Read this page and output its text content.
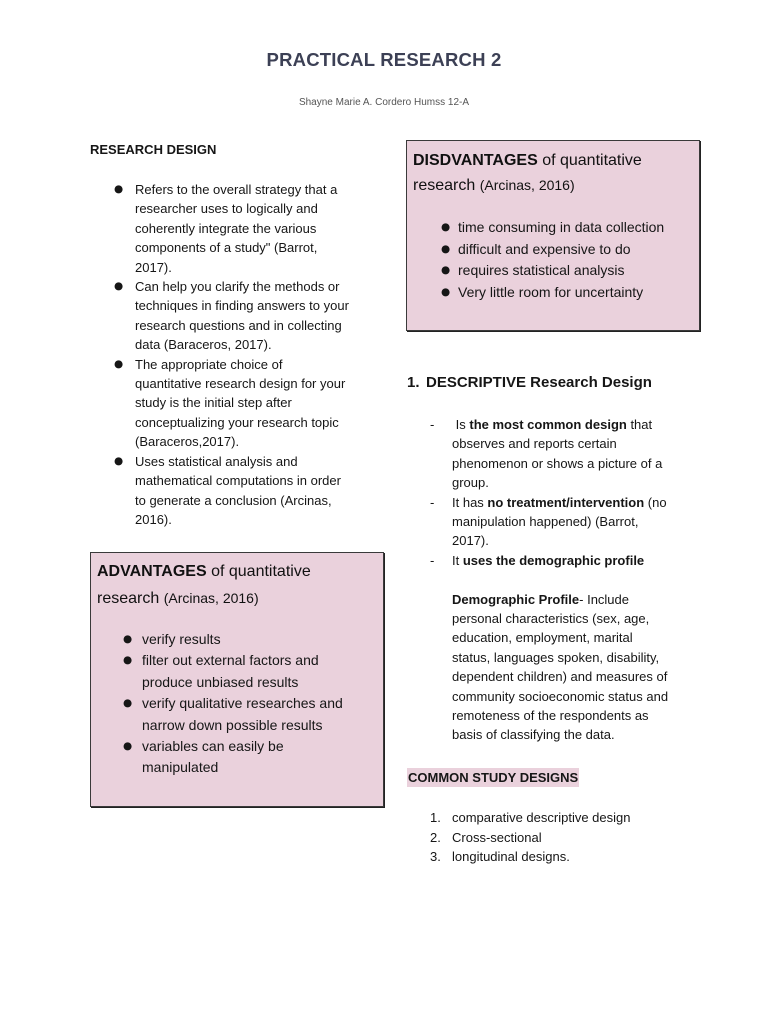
PRACTICAL RESEARCH 2
Shayne Marie A. Cordero Humss 12-A
RESEARCH DESIGN
● Refers to the overall strategy that a researcher uses to logically and coherently integrate the various components of a study" (Barrot, 2017).
● Can help you clarify the methods or techniques in finding answers to your research questions and in collecting data (Baraceros, 2017).
● The appropriate choice of quantitative research design for your study is the initial step after conceptualizing your research topic (Baraceros,2017).
● Uses statistical analysis and mathematical computations in order to generate a conclusion (Arcinas, 2016).
ADVANTAGES of quantitative research (Arcinas, 2016)
● verify results
● filter out external factors and produce unbiased results
● verify qualitative researches and narrow down possible results
● variables can easily be manipulated
DISDVANTAGES of quantitative research (Arcinas, 2016)
● time consuming in data collection
● difficult and expensive to do
● requires statistical analysis
● Very little room for uncertainty
1. DESCRIPTIVE Research Design
-  Is the most common design that observes and reports certain phenomenon or shows a picture of a group.
- It has no treatment/intervention (no manipulation happened) (Barrot, 2017).
- It uses the demographic profile
Demographic Profile- Include personal characteristics (sex, age, education, employment, marital status, languages spoken, disability, dependent children) and measures of community socioeconomic status and remoteness of the respondents as basis of classifying the data.
COMMON STUDY DESIGNS
1. comparative descriptive design
2. Cross-sectional
3. longitudinal designs.
